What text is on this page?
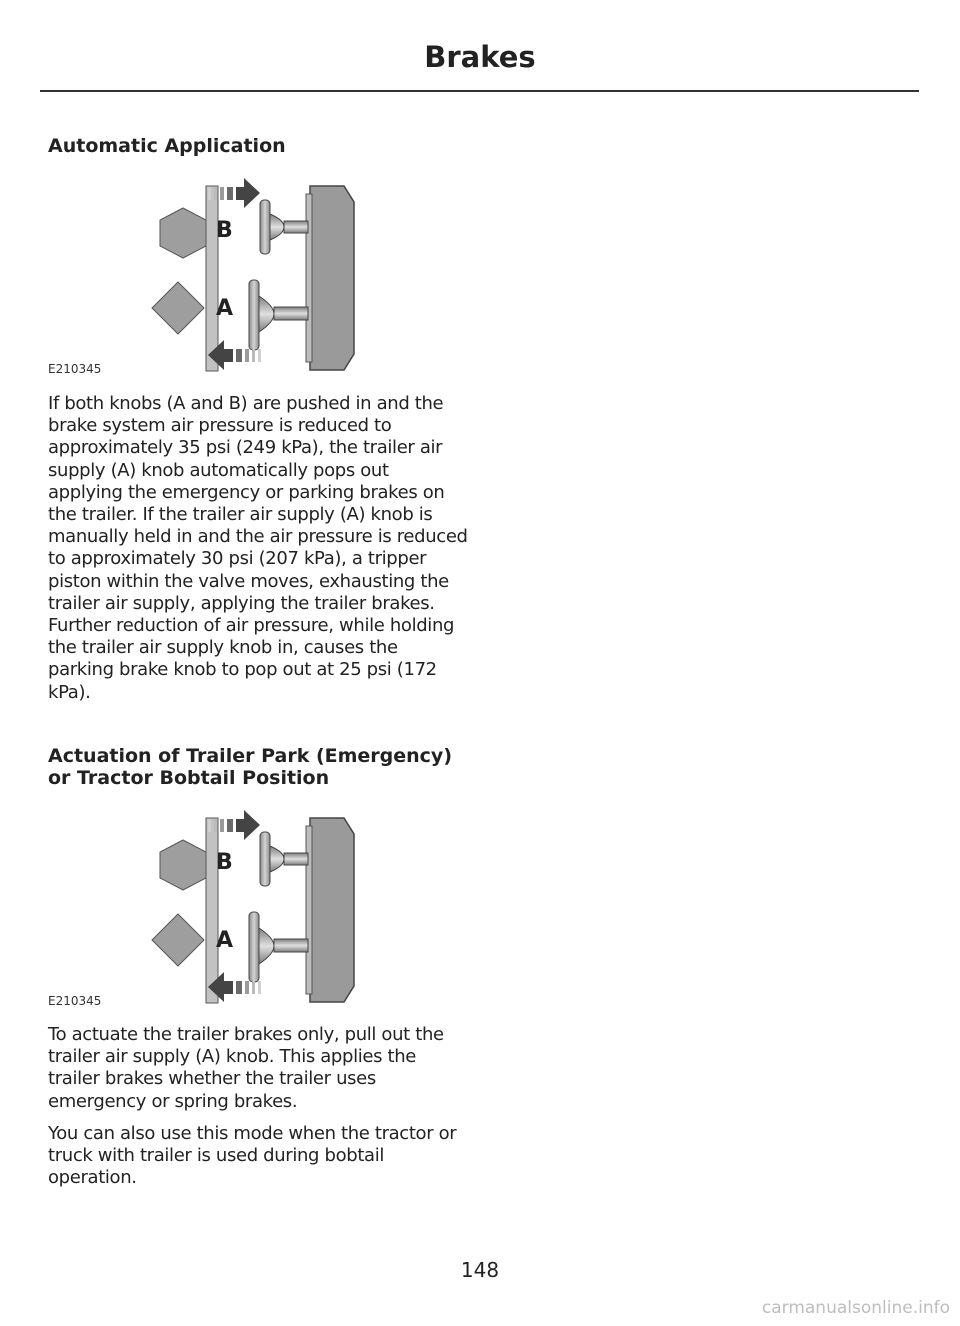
Brakes
Automatic Application
B
A
E210345
If both knobs (A and B) are pushed in and the brake system air pressure is reduced to approximately 35 psi (249 kPa), the trailer air supply (A) knob automatically pops out applying the emergency or parking brakes on the trailer. If the trailer air supply (A) knob is manually held in and the air pressure is reduced to approximately 30 psi (207 kPa), a tripper piston within the valve moves, exhausting the trailer air supply, applying the trailer brakes. Further reduction of air pressure, while holding the trailer air supply knob in, causes the parking brake knob to pop out at 25 psi (172 kPa).
Actuation of Trailer Park (Emergency) or Tractor Bobtail Position
B
A
E210345
To actuate the trailer brakes only, pull out the trailer air supply (A) knob. This applies the trailer brakes whether the trailer uses emergency or spring brakes.
You can also use this mode when the tractor or truck with trailer is used during bobtail operation.
148
carmanualsonline.info
